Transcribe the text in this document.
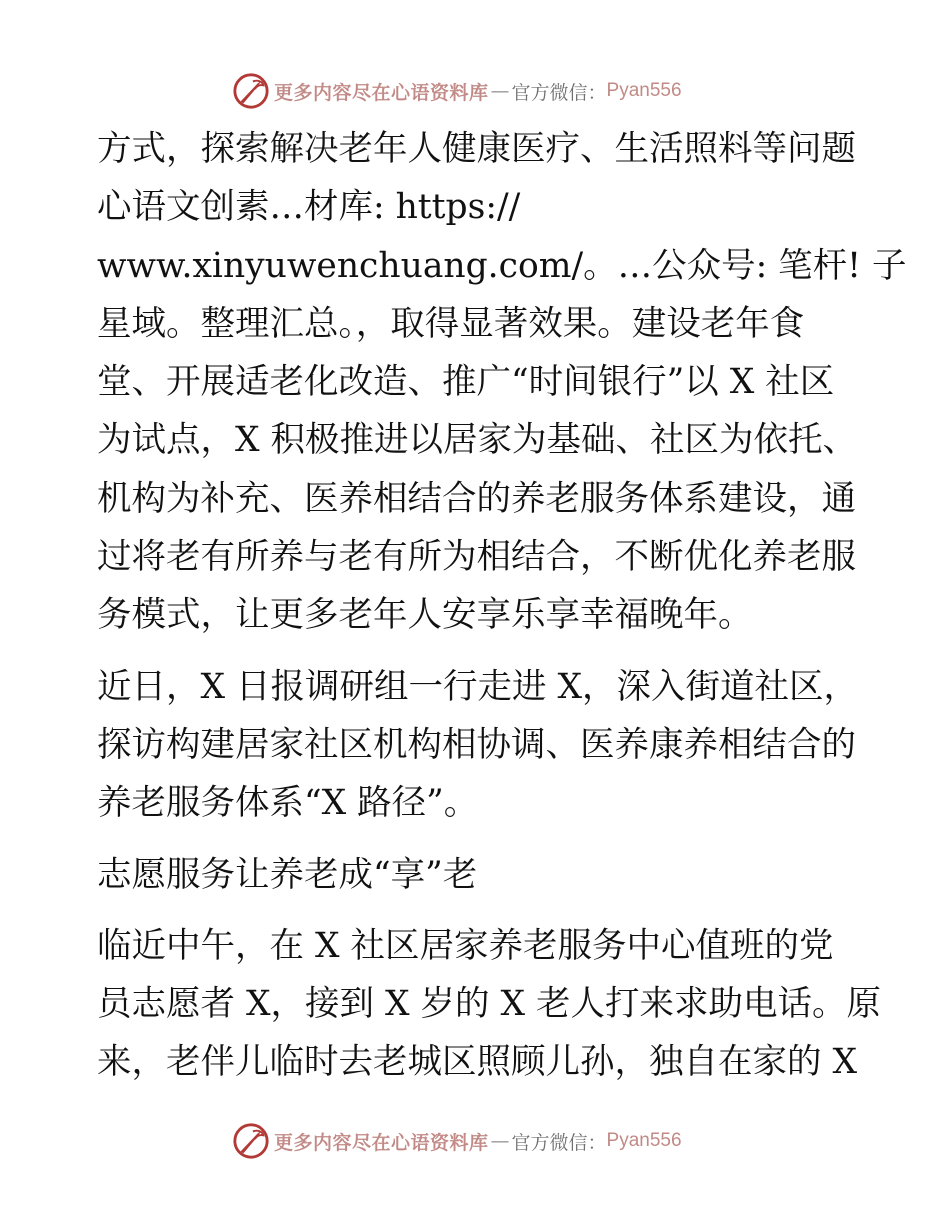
更多内容尽在心语资料库 — 官方微信： Pyan556
方式，探索解决老年人健康医疗、生活照料等问题
心语文创素…材库: https://
www.xinyuwenchuang.com/。…公众号: 笔杆! 子
星域。整理汇总。，取得显著效果。建设老年食
堂、开展适老化改造、推广“时间银行”以 X 社区
为试点，X 积极推进以居家为基础、社区为依托、
机构为补充、医养相结合的养老服务体系建设，通
过将老有所养与老有所为相结合，不断优化养老服
务模式，让更多老年人安享乐享幸福晚年。
近日，X 日报调研组一行走进 X，深入街道社区，
探访构建居家社区机构相协调、医养康养相结合的
养老服务体系“X 路径”。
志愿服务让养老成“享”老
临近中午，在 X 社区居家养老服务中心值班的党
员志愿者 X，接到 X 岁的 X 老人打来求助电话。原
来，老伴儿临时去老城区照顾儿孙，独自在家的 X
更多内容尽在心语资料库 — 官方微信： Pyan556
